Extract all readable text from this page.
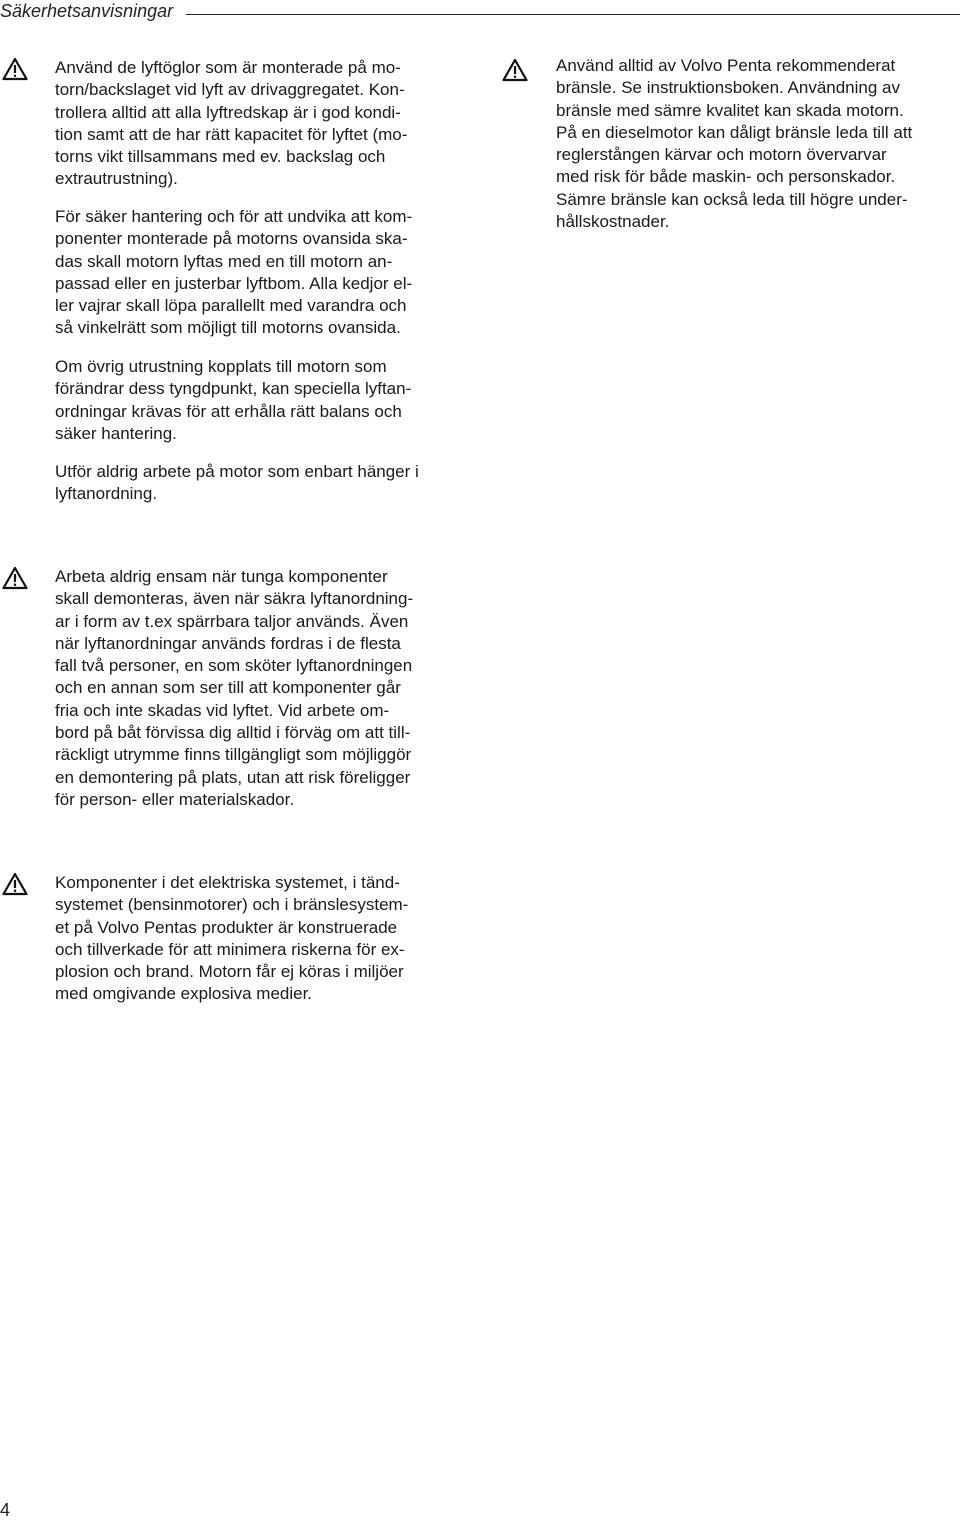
Säkerhetsanvisningar

Använd de lyftöglor som är monterade på mo-
torn/backslaget vid lyft av drivaggregatet. Kon-
trollera alltid att alla lyftredskap är i god kondi-
tion samt att de har rätt kapacitet för lyftet (mo-
torns vikt tillsammans med ev. backslag och
extrautrustning).

För säker hantering och för att undvika att kom-
ponenter monterade på motorns ovansida ska-
das skall motorn lyftas med en till motorn an-
passad eller en justerbar lyftbom. Alla kedjor el-
ler vajrar skall löpa parallellt med varandra och
så vinkelrätt som möjligt till motorns ovansida.

Om övrig utrustning kopplats till motorn som
förändrar dess tyngdpunkt, kan speciella lyftan-
ordningar krävas för att erhålla rätt balans och
säker hantering.

Utför aldrig arbete på motor som enbart hänger i
lyftanordning.

Arbeta aldrig ensam när tunga komponenter
skall demonteras, även när säkra lyftanordning-
ar i form av t.ex spärrbara taljor används. Även
när lyftanordningar används fordras i de flesta
fall två personer, en som sköter lyftanordningen
och en annan som ser till att komponenter går
fria och inte skadas vid lyftet. Vid arbete om-
bord på båt förvissa dig alltid i förväg om att till-
räckligt utrymme finns tillgängligt som möjliggör
en demontering på plats, utan att risk föreligger
för person- eller materialskador.

Komponenter i det elektriska systemet, i tänd-
systemet (bensinmotorer) och i bränslesystem-
et på Volvo Pentas produkter är konstruerade
och tillverkade för att minimera riskerna för ex-
plosion och brand. Motorn får ej köras i miljöer
med omgivande explosiva medier.

Använd alltid av Volvo Penta rekommenderat
bränsle. Se instruktionsboken. Användning av
bränsle med sämre kvalitet kan skada motorn.
På en dieselmotor kan dåligt bränsle leda till att
reglerstången kärvar och motorn övervarvar
med risk för både maskin- och personskador.
Sämre bränsle kan också leda till högre under-
hållskostnader.

4
